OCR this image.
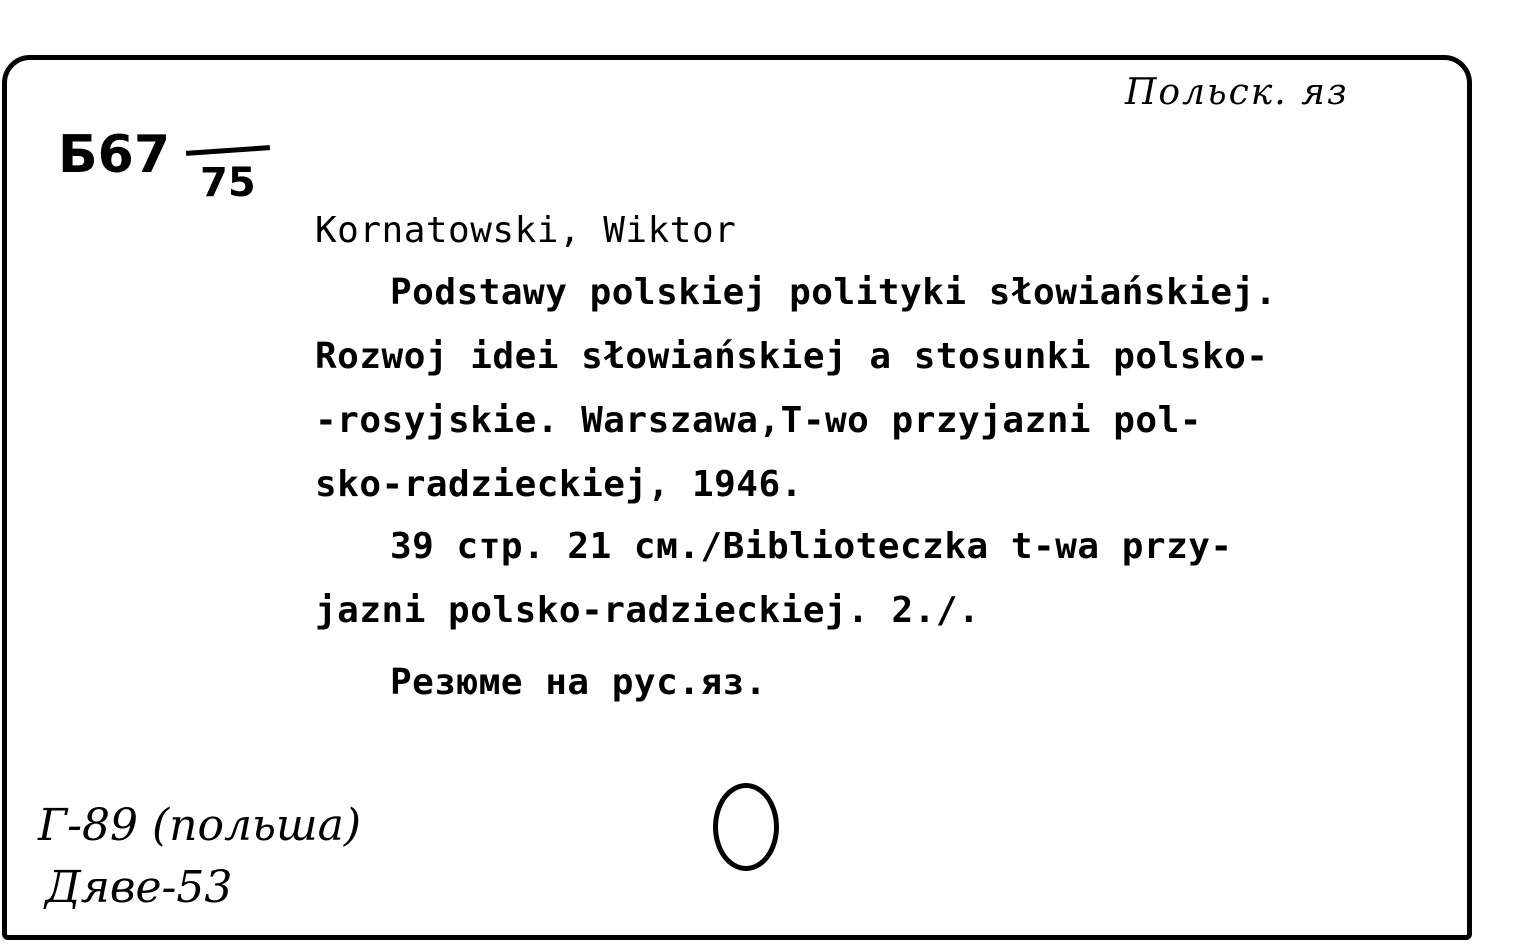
Б67 75
Польск. яз
Kornatowski, Wiktor
Podstawy polskiej polityki słowiańskiej.
Rozwoj idei słowiańskiej a stosunki polsko-
-rosyjskie. Warszawa,T-wo przyjazni pol-
sko-radzieckiej, 1946.
39 стр. 21 см./Biblioteczka t-wa przy-
jazni polsko-radzieckiej. 2./.
Резюме на рус.яз.
Г-89 (польша)
Дяве-53
